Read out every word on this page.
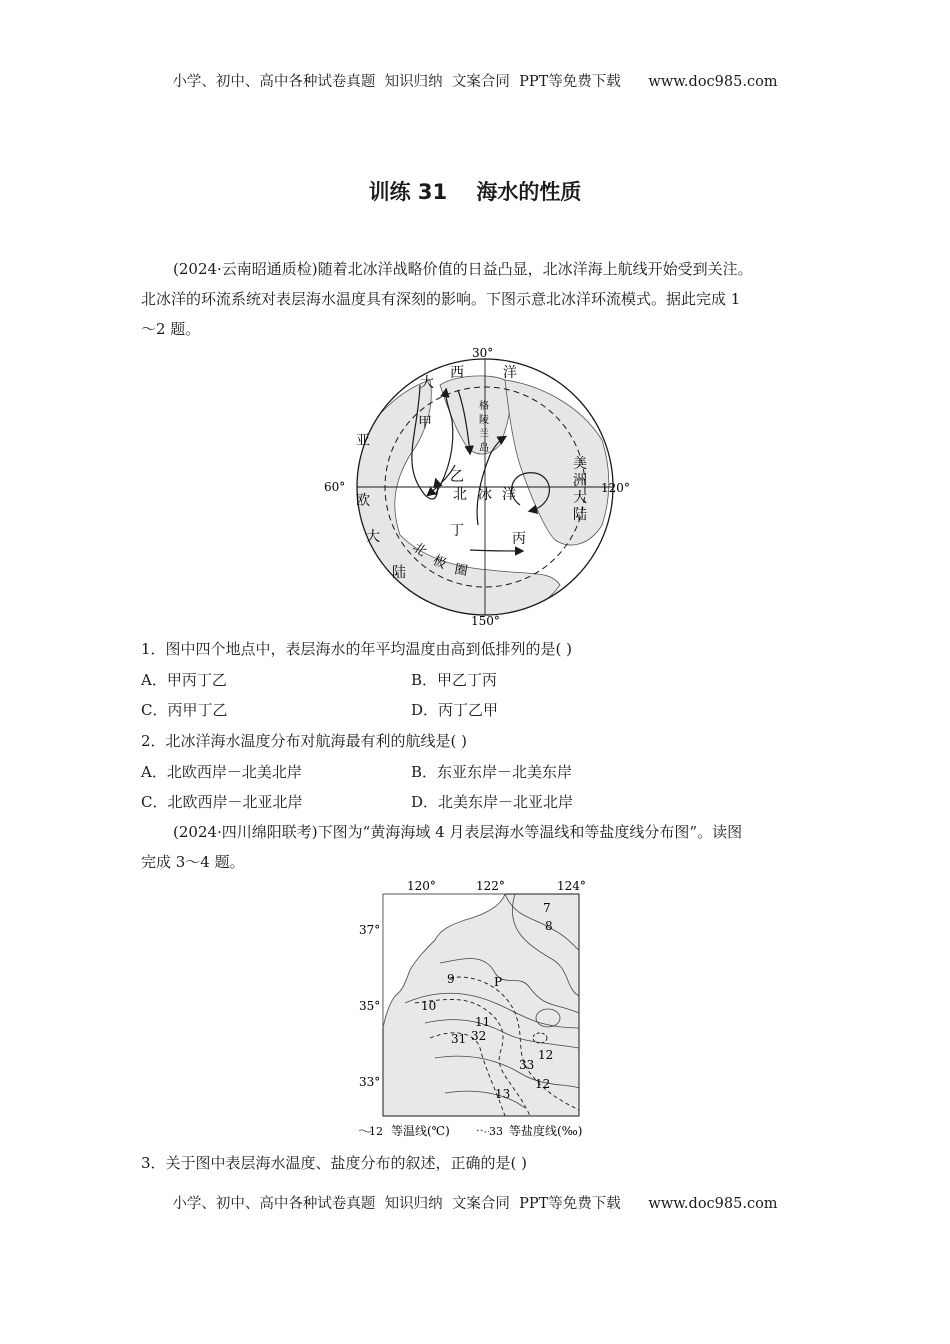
小学、初中、高中各种试卷真题  知识归纳  文案合同  PPT等免费下载      www.doc985.com
训练 31    海水的性质
(2024·云南昭通质检)随着北冰洋战略价值的日益凸显，北冰洋海上航线开始受到关注。
北冰洋的环流系统对表层海水温度具有深刻的影响。下图示意北冰洋环流模式。据此完成 1
～2 题。
30°
60°	120°
150°
大
西	洋
格
陵
兰
岛
甲
乙
丙
丁
北 冰 洋
亚
欧
大
陆
美
洲
大
陆
北
极 圈
1．图中四个地点中，表层海水的年平均温度由高到低排列的是( )
A．甲丙丁乙	B．甲乙丁丙
C．丙甲丁乙	D．丙丁乙甲
2．北冰洋海水温度分布对航海最有利的航线是( )
A．北欧西岸－北美北岸	B．东亚东岸－北美东岸
C．北欧西岸－北亚北岸	D．北美东岸－北亚北岸
(2024·四川绵阳联考)下图为“黄海海域 4 月表层海水等温线和等盐度线分布图”。读图
完成 3～4 题。
120°	122°	124°
37°
35°
33°
7
8
9
10
11
12
12
13
31 32
33
P
12 等温线(℃)	33 等盐度线(‰)
3．关于图中表层海水温度、盐度分布的叙述，正确的是( )
小学、初中、高中各种试卷真题  知识归纳  文案合同  PPT等免费下载      www.doc985.com
